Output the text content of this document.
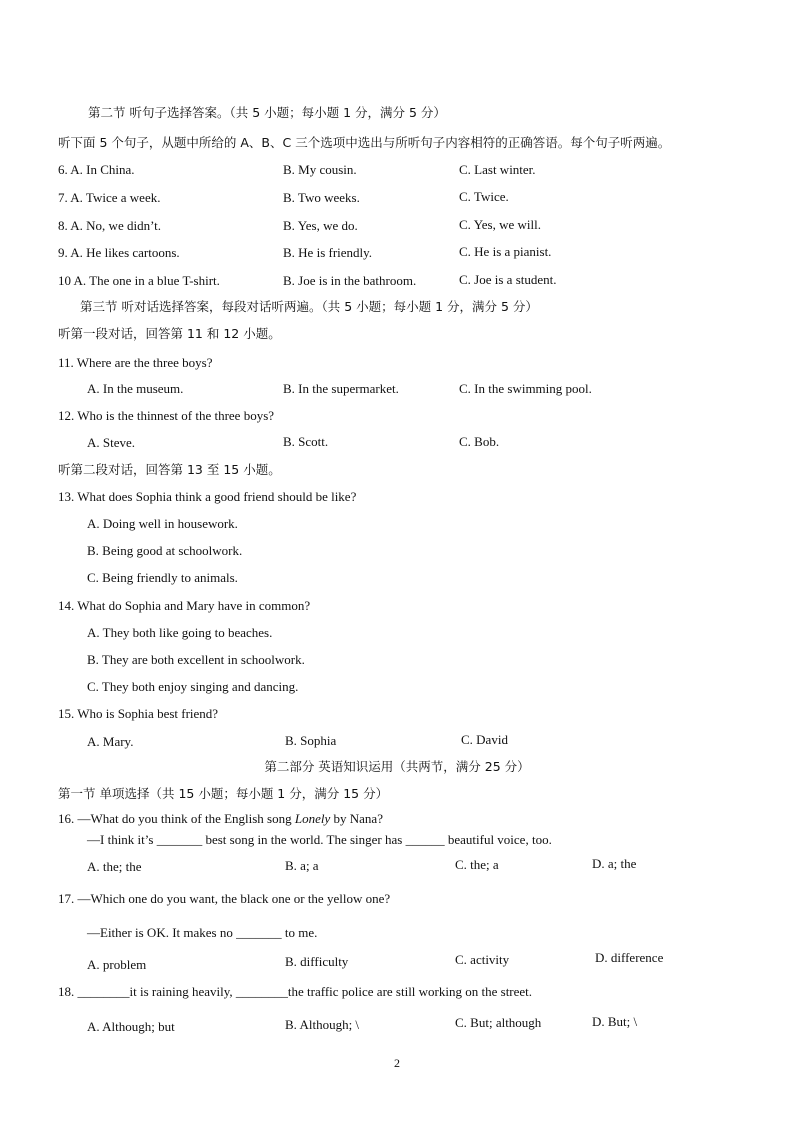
第二节 听句子选择答案。（共 5 小题；每小题 1 分，满分 5 分）
听下面 5 个句子，从题中所给的 A、B、C 三个选项中选出与所听句子内容相符的正确答语。每个句子听两遍。
6. A. In China.	B. My cousin.	C. Last winter.
7. A. Twice a week.	B. Two weeks.	C. Twice.
8. A. No, we didn’t.	B. Yes, we do.	C. Yes, we will.
9. A. He likes cartoons.	B. He is friendly.	C. He is a pianist.
10 A. The one in a blue T-shirt.	B. Joe is in the bathroom.	C. Joe is a student.
第三节 听对话选择答案，每段对话听两遍。（共 5 小题；每小题 1 分，满分 5 分）
听第一段对话，回答第 11 和 12 小题。
11. Where are the three boys?
A. In the museum.	B. In the supermarket.	C. In the swimming pool.
12. Who is the thinnest of the three boys?
A. Steve.	B. Scott.	C. Bob.
听第二段对话，回答第 13 至 15 小题。
13. What does Sophia think a good friend should be like?
A. Doing well in housework.
B. Being good at schoolwork.
C. Being friendly to animals.
14. What do Sophia and Mary have in common?
A. They both like going to beaches.
B. They are both excellent in schoolwork.
C. They both enjoy singing and dancing.
15. Who is Sophia best friend?
A. Mary.	B. Sophia	C. David
第二部分 英语知识运用（共两节，满分 25 分）
第一节 单项选择（共 15 小题；每小题 1 分，满分 15 分）
16. —What do you think of the English song Lonely by Nana?
—I think it’s _______ best song in the world. The singer has ______ beautiful voice, too.
A. the; the	B. a; a	C. the; a	D. a; the
17. —Which one do you want, the black one or the yellow one?
—Either is OK. It makes no _______ to me.
A. problem	B. difficulty	C. activity	D. difference
18. ________it is raining heavily, ________the traffic police are still working on the street.
A. Although; but	B. Although; \	C. But; although	D. But; \
2
